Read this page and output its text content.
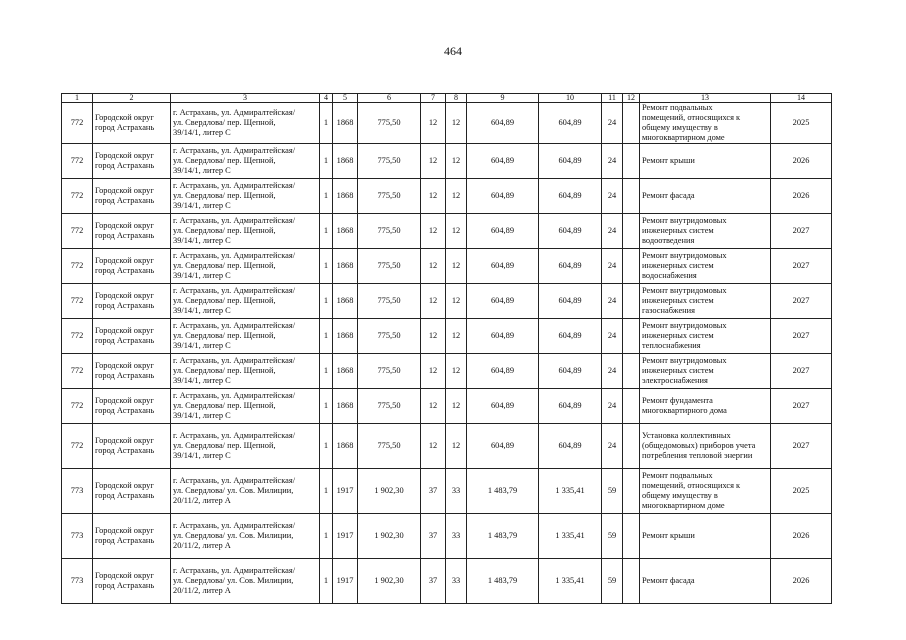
464
1	2	3	4	5	6	7	8	9	10	11	12	13	14
772	Городской округ
город Астрахань	г. Астрахань, ул. Адмиралтейская/
ул. Свердлова/ пер. Щепной,
39/14/1, литер С	1	1868	775,50	12	12	604,89	604,89	24		Ремонт подвальных
помещений, относящихся к
общему имуществу в
многоквартирном доме	2025
772	Городской округ
город Астрахань	г. Астрахань, ул. Адмиралтейская/
ул. Свердлова/ пер. Щепной,
39/14/1, литер С	1	1868	775,50	12	12	604,89	604,89	24		Ремонт крыши	2026
772	Городской округ
город Астрахань	г. Астрахань, ул. Адмиралтейская/
ул. Свердлова/ пер. Щепной,
39/14/1, литер С	1	1868	775,50	12	12	604,89	604,89	24		Ремонт фасада	2026
772	Городской округ
город Астрахань	г. Астрахань, ул. Адмиралтейская/
ул. Свердлова/ пер. Щепной,
39/14/1, литер С	1	1868	775,50	12	12	604,89	604,89	24		Ремонт внутридомовых
инженерных систем
водоотведения	2027
772	Городской округ
город Астрахань	г. Астрахань, ул. Адмиралтейская/
ул. Свердлова/ пер. Щепной,
39/14/1, литер С	1	1868	775,50	12	12	604,89	604,89	24		Ремонт внутридомовых
инженерных систем
водоснабжения	2027
772	Городской округ
город Астрахань	г. Астрахань, ул. Адмиралтейская/
ул. Свердлова/ пер. Щепной,
39/14/1, литер С	1	1868	775,50	12	12	604,89	604,89	24		Ремонт внутридомовых
инженерных систем
газоснабжения	2027
772	Городской округ
город Астрахань	г. Астрахань, ул. Адмиралтейская/
ул. Свердлова/ пер. Щепной,
39/14/1, литер С	1	1868	775,50	12	12	604,89	604,89	24		Ремонт внутридомовых
инженерных систем
теплоснабжения	2027
772	Городской округ
город Астрахань	г. Астрахань, ул. Адмиралтейская/
ул. Свердлова/ пер. Щепной,
39/14/1, литер С	1	1868	775,50	12	12	604,89	604,89	24		Ремонт внутридомовых
инженерных систем
электроснабжения	2027
772	Городской округ
город Астрахань	г. Астрахань, ул. Адмиралтейская/
ул. Свердлова/ пер. Щепной,
39/14/1, литер С	1	1868	775,50	12	12	604,89	604,89	24		Ремонт фундамента
многоквартирного дома	2027
772	Городской округ
город Астрахань	г. Астрахань, ул. Адмиралтейская/
ул. Свердлова/ пер. Щепной,
39/14/1, литер С	1	1868	775,50	12	12	604,89	604,89	24		Установка коллективных
(общедомовых) приборов учета
потребления тепловой энергии	2027
773	Городской округ
город Астрахань	г. Астрахань, ул. Адмиралтейская/
ул. Свердлова/ ул. Сов. Милиции,
20/11/2, литер А	1	1917	1 902,30	37	33	1 483,79	1 335,41	59		Ремонт подвальных
помещений, относящихся к
общему имуществу в
многоквартирном доме	2025
773	Городской округ
город Астрахань	г. Астрахань, ул. Адмиралтейская/
ул. Свердлова/ ул. Сов. Милиции,
20/11/2, литер А	1	1917	1 902,30	37	33	1 483,79	1 335,41	59		Ремонт крыши	2026
773	Городской округ
город Астрахань	г. Астрахань, ул. Адмиралтейская/
ул. Свердлова/ ул. Сов. Милиции,
20/11/2, литер А	1	1917	1 902,30	37	33	1 483,79	1 335,41	59		Ремонт фасада	2026
